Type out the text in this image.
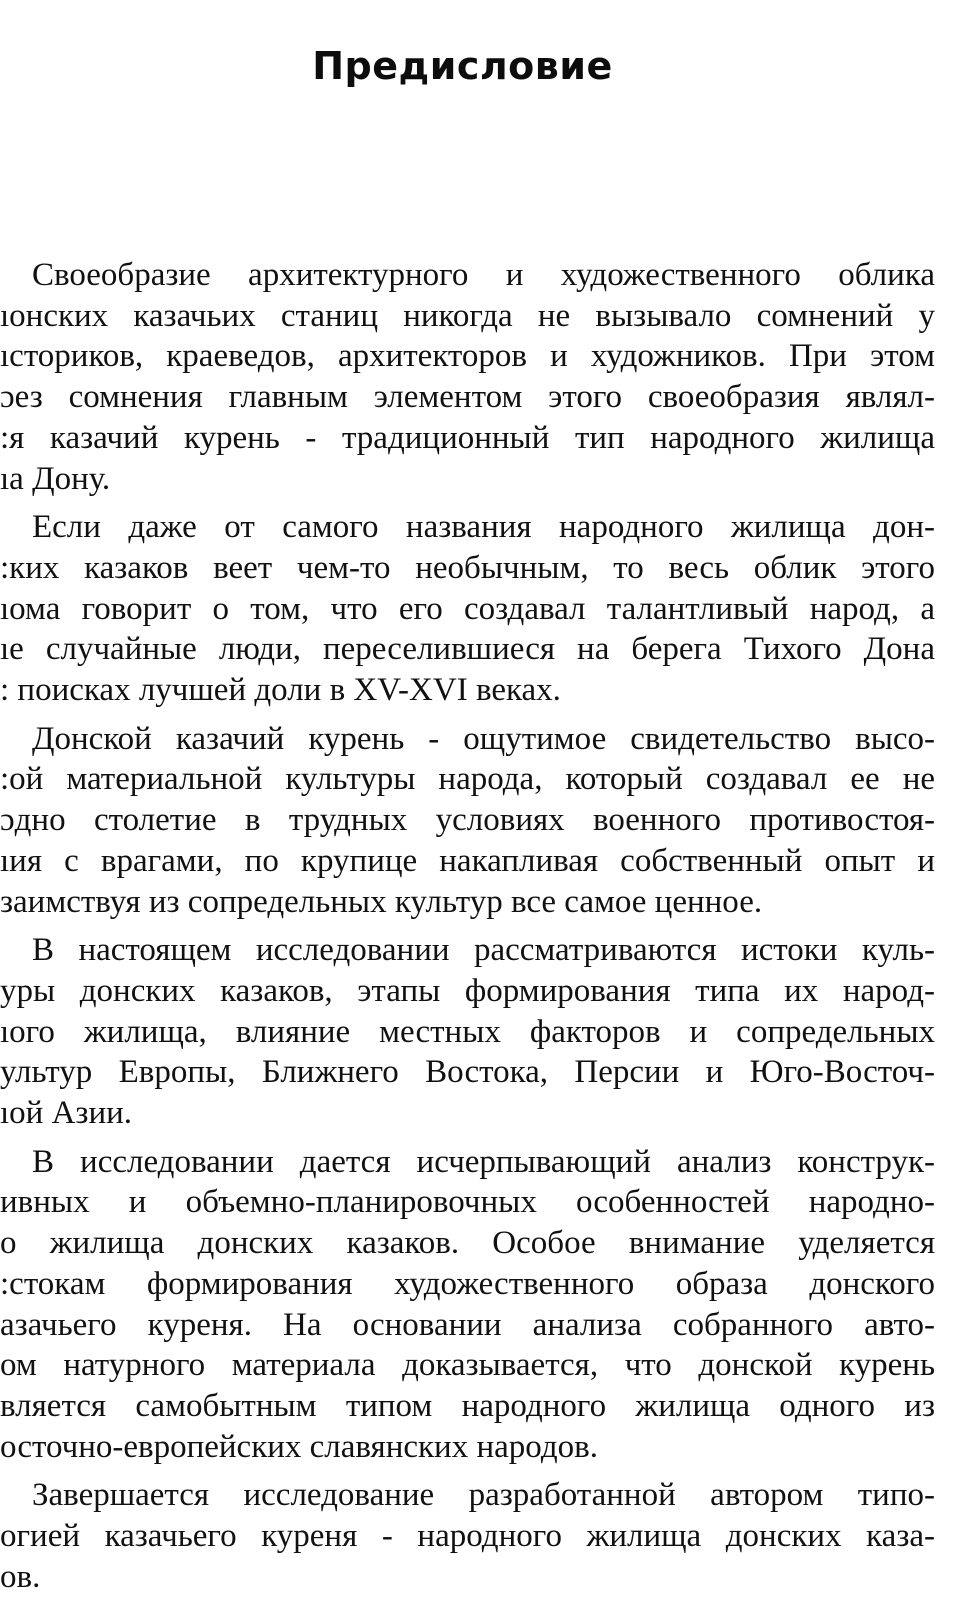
Предисловие

Своеобразие архитектурного и художественного облика
ıонских казачьих станиц никогда не вызывало сомнений у
ıсториков, краеведов, архитекторов и художников. При этом
ɔез сомнения главным элементом этого своеобразия являл-
:я казачий курень - традиционный тип народного жилища
ıа Дону.

Если даже от самого названия народного жилища дон-
:ких казаков веет чем-то необычным, то весь облик этого
ıома говорит о том, что его создавал талантливый народ, а
ıе случайные люди, переселившиеся на берега Тихого Дона
: поисках лучшей доли в XV-XVI веках.

Донской казачий курень - ощутимое свидетельство высо-
:ой материальной культуры народа, который создавал ее не
ɔдно столетие в трудных условиях военного противостоя-
ıия с врагами, по крупице накапливая собственный опыт и
заимствуя из сопредельных культур все самое ценное.

В настоящем исследовании рассматриваются истоки куль-
уры донских казаков, этапы формирования типа их народ-
ıого жилища, влияние местных факторов и сопредельных
ультур Европы, Ближнего Востока, Персии и Юго-Восточ-
ıой Азии.

В исследовании дается исчерпывающий анализ конструк-
ивных и объемно-планировочных особенностей народно-
о жилища донских казаков. Особое внимание уделяется
:стокам формирования художественного образа донского
азачьего куреня. На основании анализа собранного авто-
ом натурного материала доказывается, что донской курень
вляется самобытным типом народного жилища одного из
осточно-европейских славянских народов.

Завершается исследование разработанной автором типо-
огией казачьего куреня - народного жилища донских каза-
ов.
